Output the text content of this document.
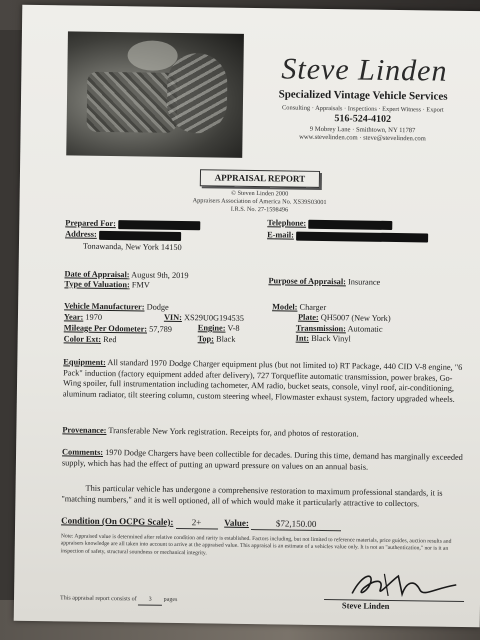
Steve Linden
Specialized Vintage Vehicle Services
Consulting · Appraisals · Inspections · Expert Witness · Export
516-524-4102
9 Mobrey Lane · Smithtown, NY 11787
www.stevelinden.com · steve@stevelinden.com
APPRAISAL REPORT
© Steven Linden 2000
Appraisers Association of America No. XS39S03001
I.R.S. No. 27-1598496
Prepared For:
Address:
Tonawanda, New York 14150
Telephone:
E-mail:
Date of Appraisal: August 9th, 2019
Type of Valuation: FMV	Purpose of Appraisal: Insurance
Vehicle Manufacturer: Dodge	Model: Charger
Year: 1970	VIN: XS29U0G194535	Plate: QH5007 (New York)
Mileage Per Odometer: 57,789	Engine: V-8	Transmission: Automatic
Color Ext: Red	Top: Black	Int: Black Vinyl
Equipment: All standard 1970 Dodge Charger equipment plus (but not limited to) RT Package, 440 CID V-8 engine, "6 Pack" induction (factory equipment added after delivery), 727 Torqueflite automatic transmission, power brakes, Go-Wing spoiler, full instrumentation including tachometer, AM radio, bucket seats, console, vinyl roof, air-conditioning, aluminum radiator, tilt steering column, custom steering wheel, Flowmaster exhaust system, factory upgraded wheels.
Provenance: Transferable New York registration. Receipts for, and photos of restoration.
Comments: 1970 Dodge Chargers have been collectible for decades. During this time, demand has marginally exceeded supply, which has had the effect of putting an upward pressure on values on an annual basis.
This particular vehicle has undergone a comprehensive restoration to maximum professional standards, it is "matching numbers," and it is well optioned, all of which would make it particularly attractive to collectors.
Condition (On OCPG Scale): 2+	Value:	$72,150.00
Note: Appraised value is determined after relative condition and rarity is established. Factors including, but not limited to reference materials, price guides, auction results and appraisers knowledge are all taken into account to arrive at the appraised value. This appraisal is an estimate of a vehicles value only. It is not an "authentication," nor is it an inspection of safety, structural soundness or mechanical integrity.
Steve Linden
This appraisal report consists of 3 pages
